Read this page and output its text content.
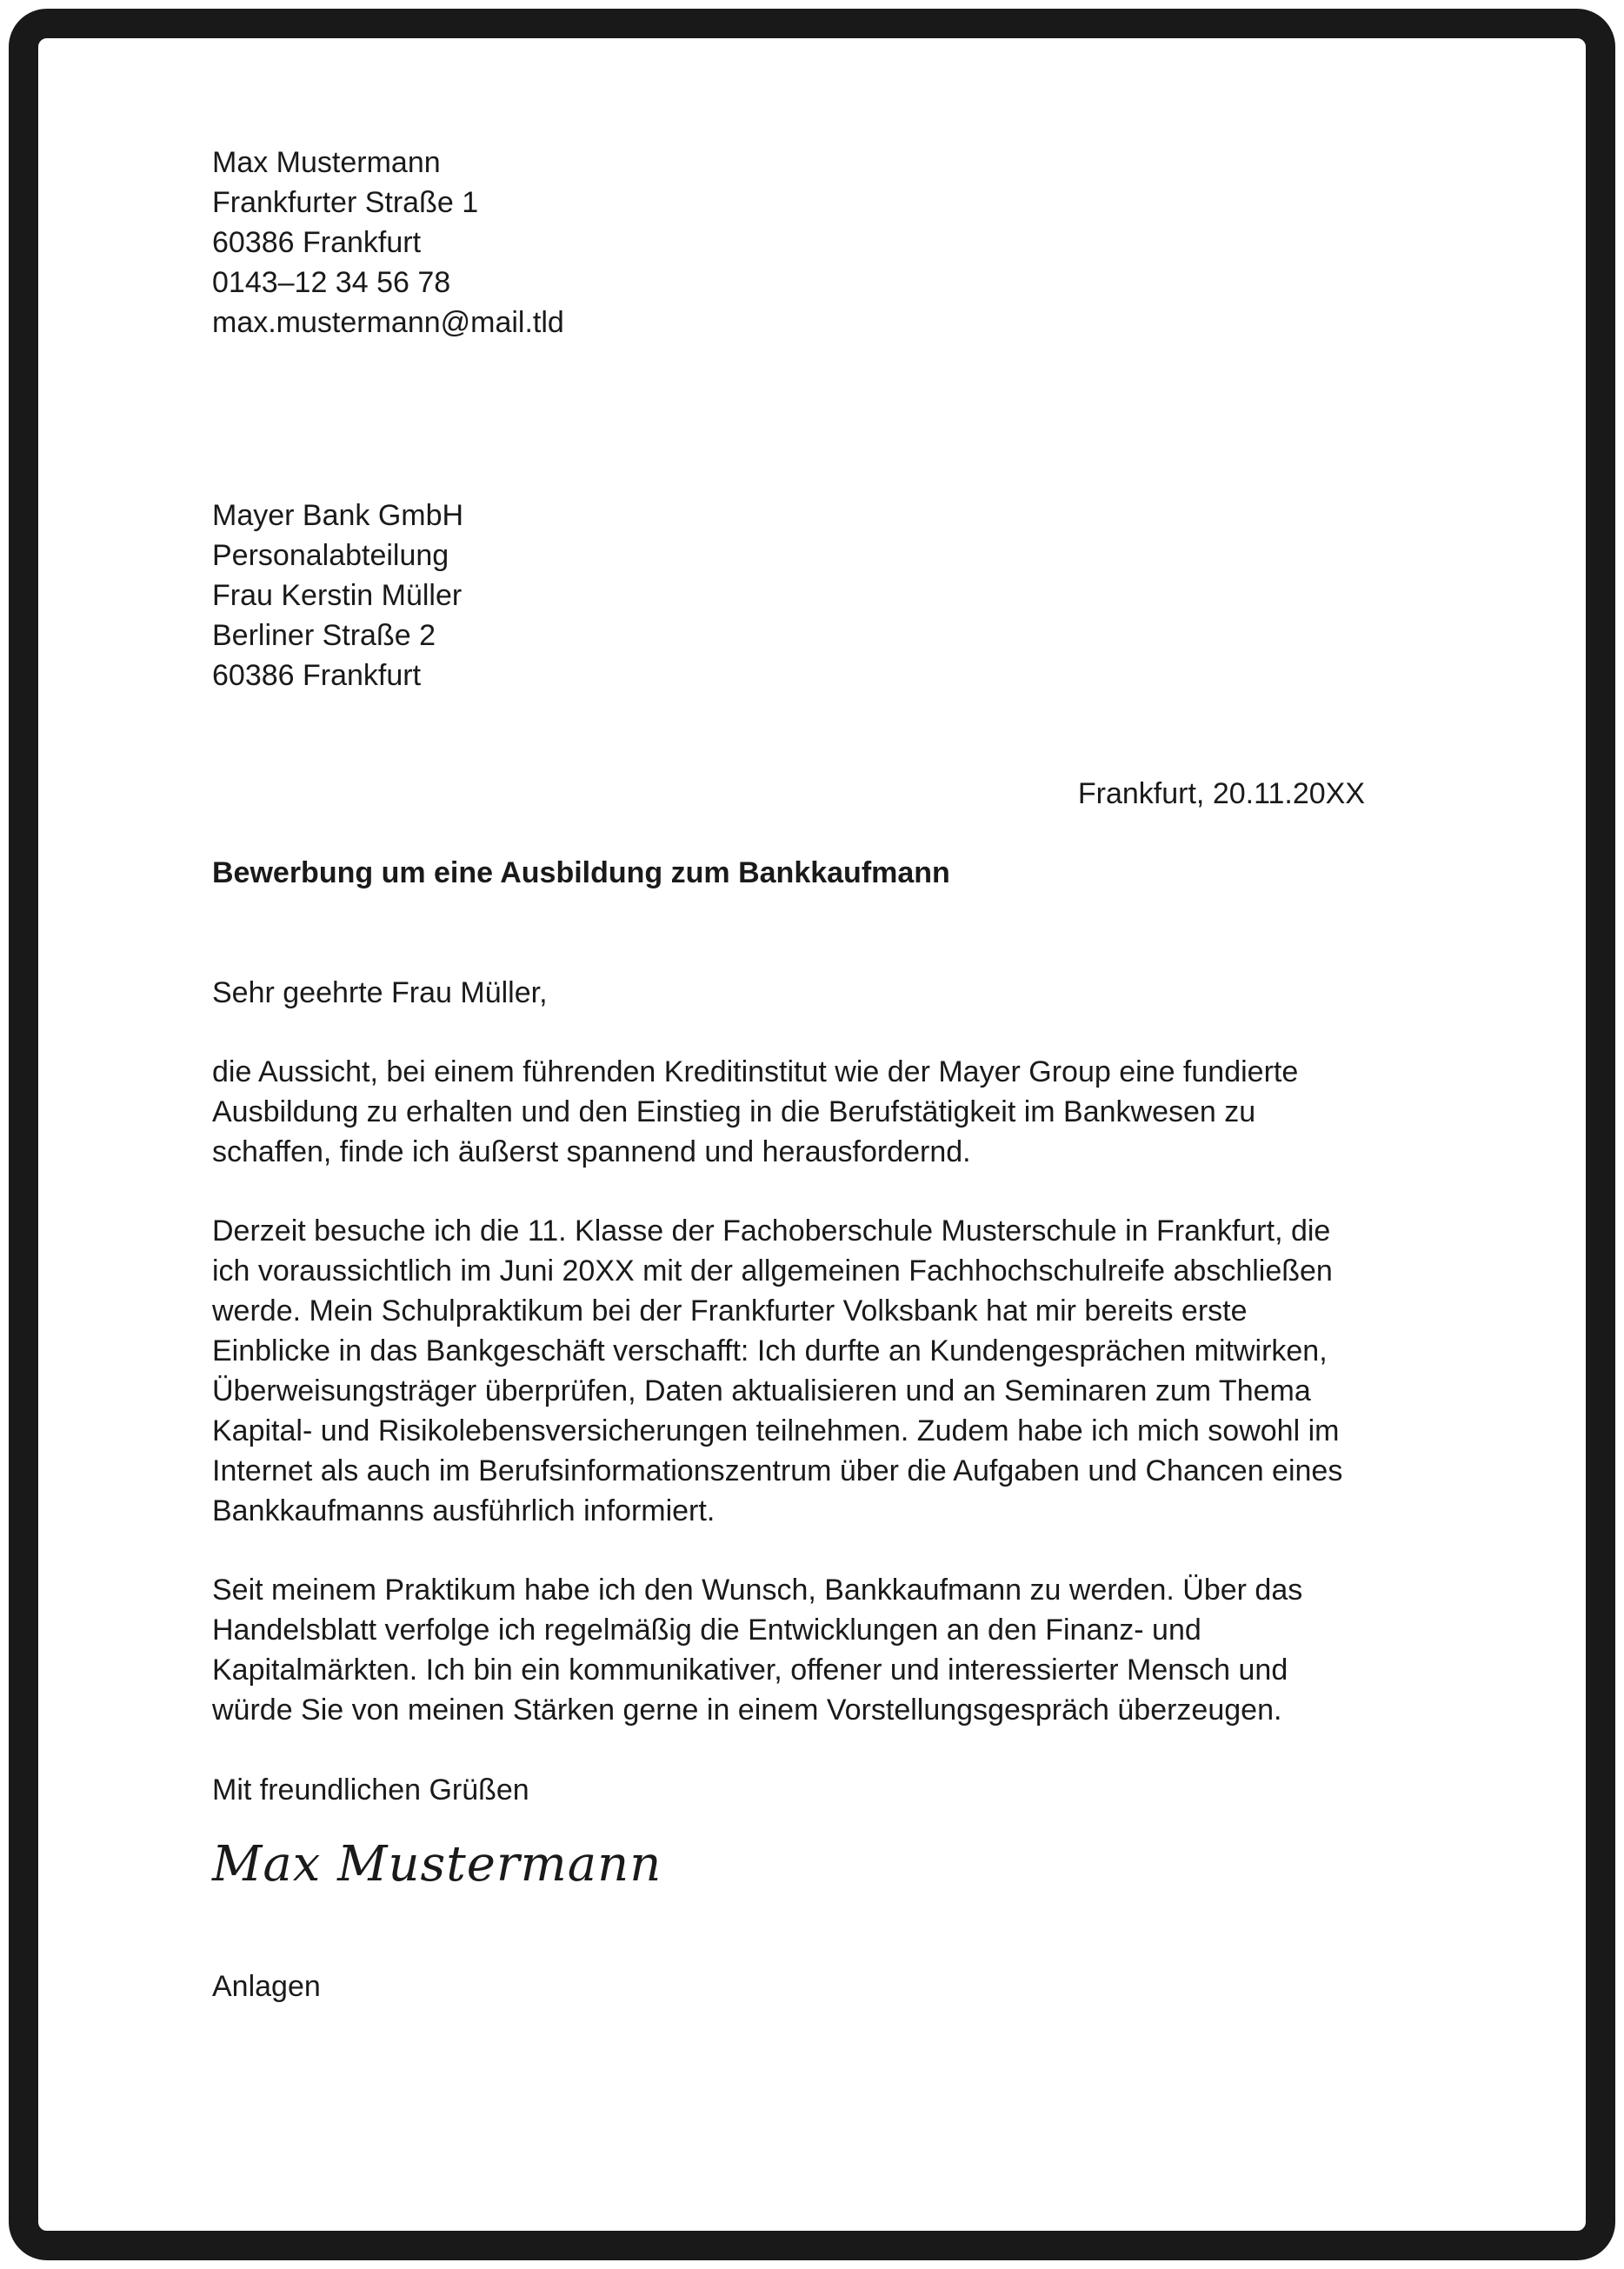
Max Mustermann
Frankfurter Straße 1
60386 Frankfurt
0143–12 34 56 78
max.mustermann@mail.tld
Mayer Bank GmbH
Personalabteilung
Frau Kerstin Müller
Berliner Straße 2
60386 Frankfurt
Frankfurt, 20.11.20XX
Bewerbung um eine Ausbildung zum Bankkaufmann
Sehr geehrte Frau Müller,
die Aussicht, bei einem führenden Kreditinstitut wie der Mayer Group eine fundierte Ausbildung zu erhalten und den Einstieg in die Berufstätigkeit im Bankwesen zu schaffen, finde ich äußerst spannend und herausfordernd.
Derzeit besuche ich die 11. Klasse der Fachoberschule Musterschule in Frankfurt, die ich voraussichtlich im Juni 20XX mit der allgemeinen Fachhochschulreife abschließen werde. Mein Schulpraktikum bei der Frankfurter Volksbank hat mir bereits erste Einblicke in das Bankgeschäft verschafft: Ich durfte an Kundengesprächen mitwirken, Überweisungsträger überprüfen, Daten aktualisieren und an Seminaren zum Thema Kapital- und Risikolebensversicherungen teilnehmen. Zudem habe ich mich sowohl im Internet als auch im Berufsinformationszentrum über die Aufgaben und Chancen eines Bankkaufmanns ausführlich informiert.
Seit meinem Praktikum habe ich den Wunsch, Bankkaufmann zu werden. Über das Handelsblatt verfolge ich regelmäßig die Entwicklungen an den Finanz- und Kapitalmärkten. Ich bin ein kommunikativer, offener und interessierter Mensch und würde Sie von meinen Stärken gerne in einem Vorstellungsgespräch überzeugen.
Mit freundlichen Grüßen
Max Mustermann
Anlagen
